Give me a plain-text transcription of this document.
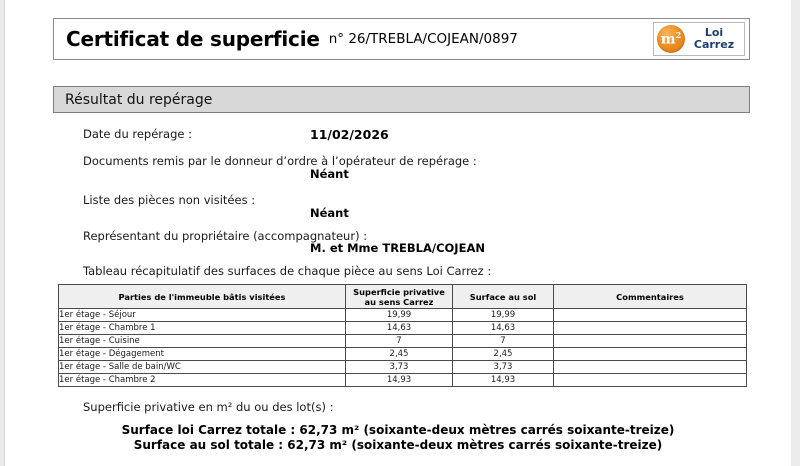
Certificat de superficie n° 26/TREBLA/COJEAN/0897	$m^2$	Loi
Carrez
Résultat du repérage
Date du repérage :	11/02/2026
Documents remis par le donneur d’ordre à l’opérateur de repérage :
Néant
Liste des pièces non visitées :
Néant
Représentant du propriétaire (accompagnateur) :
M. et Mme TREBLA/COJEAN
Tableau récapitulatif des surfaces de chaque pièce au sens Loi Carrez :
Parties de l'immeuble bâtis visitées	Superficie privative au sens Carrez	Surface au sol	Commentaires
1er étage - Séjour	19,99	19,99	
1er étage - Chambre 1	14,63	14,63	
1er étage - Cuisine	7	7	
1er étage - Dégagement	2,45	2,45	
1er étage - Salle de bain/WC	3,73	3,73	
1er étage - Chambre 2	14,93	14,93	
Superficie privative en m² du ou des lot(s) :
Surface loi Carrez totale : 62,73 m² (soixante-deux mètres carrés soixante-treize)
Surface au sol totale : 62,73 m² (soixante-deux mètres carrés soixante-treize)
